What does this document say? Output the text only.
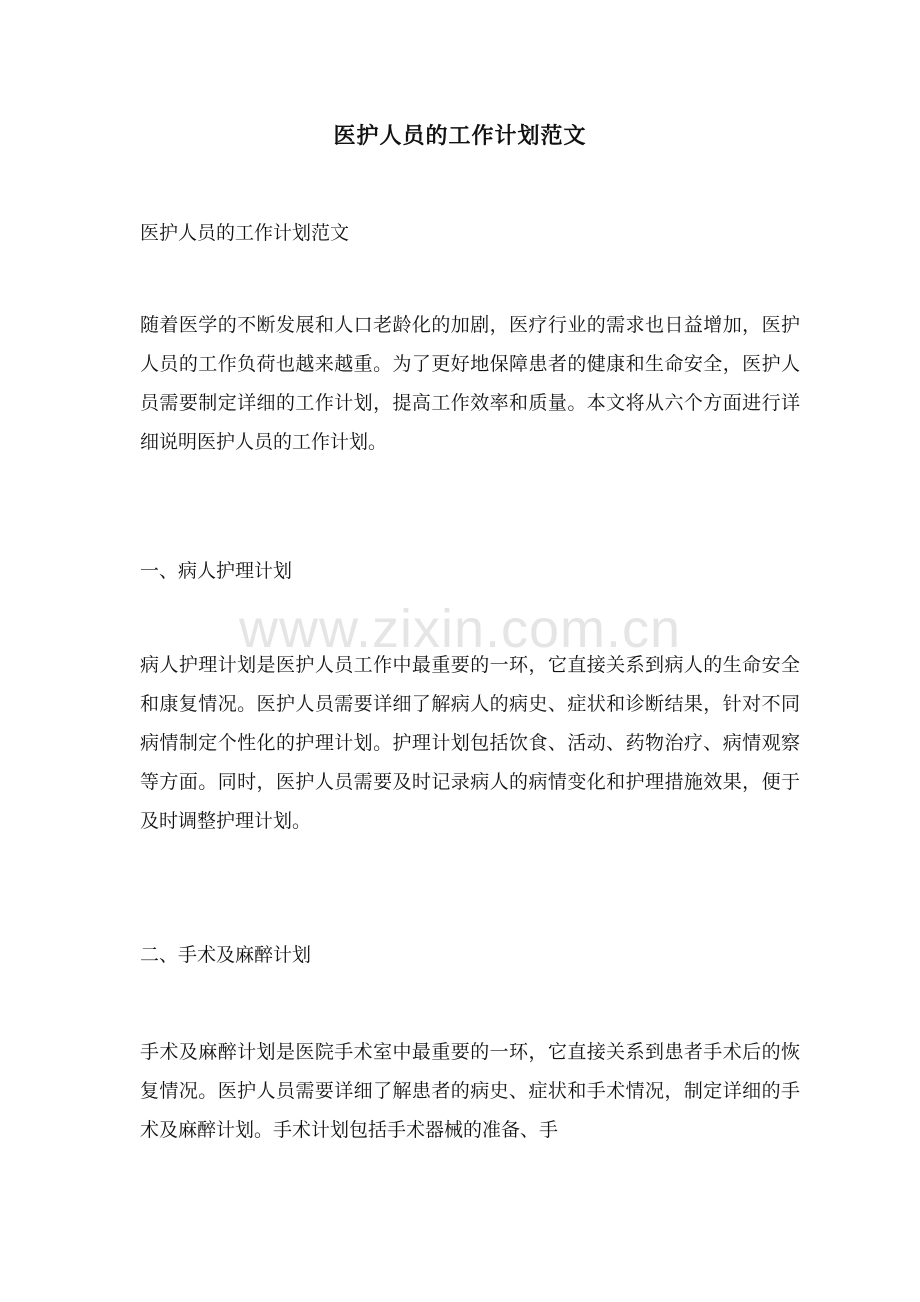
医护人员的工作计划范文

医护人员的工作计划范文

随着医学的不断发展和人口老龄化的加剧，医疗行业的需求也日益增加，医护人员的工作负荷也越来越重。为了更好地保障患者的健康和生命安全，医护人员需要制定详细的工作计划，提高工作效率和质量。本文将从六个方面进行详细说明医护人员的工作计划。

一、病人护理计划

病人护理计划是医护人员工作中最重要的一环，它直接关系到病人的生命安全和康复情况。医护人员需要详细了解病人的病史、症状和诊断结果，针对不同病情制定个性化的护理计划。护理计划包括饮食、活动、药物治疗、病情观察等方面。同时，医护人员需要及时记录病人的病情变化和护理措施效果，便于及时调整护理计划。

二、手术及麻醉计划

手术及麻醉计划是医院手术室中最重要的一环，它直接关系到患者手术后的恢复情况。医护人员需要详细了解患者的病史、症状和手术情况，制定详细的手术及麻醉计划。手术计划包括手术器械的准备、手

www.zixin.com.cn
